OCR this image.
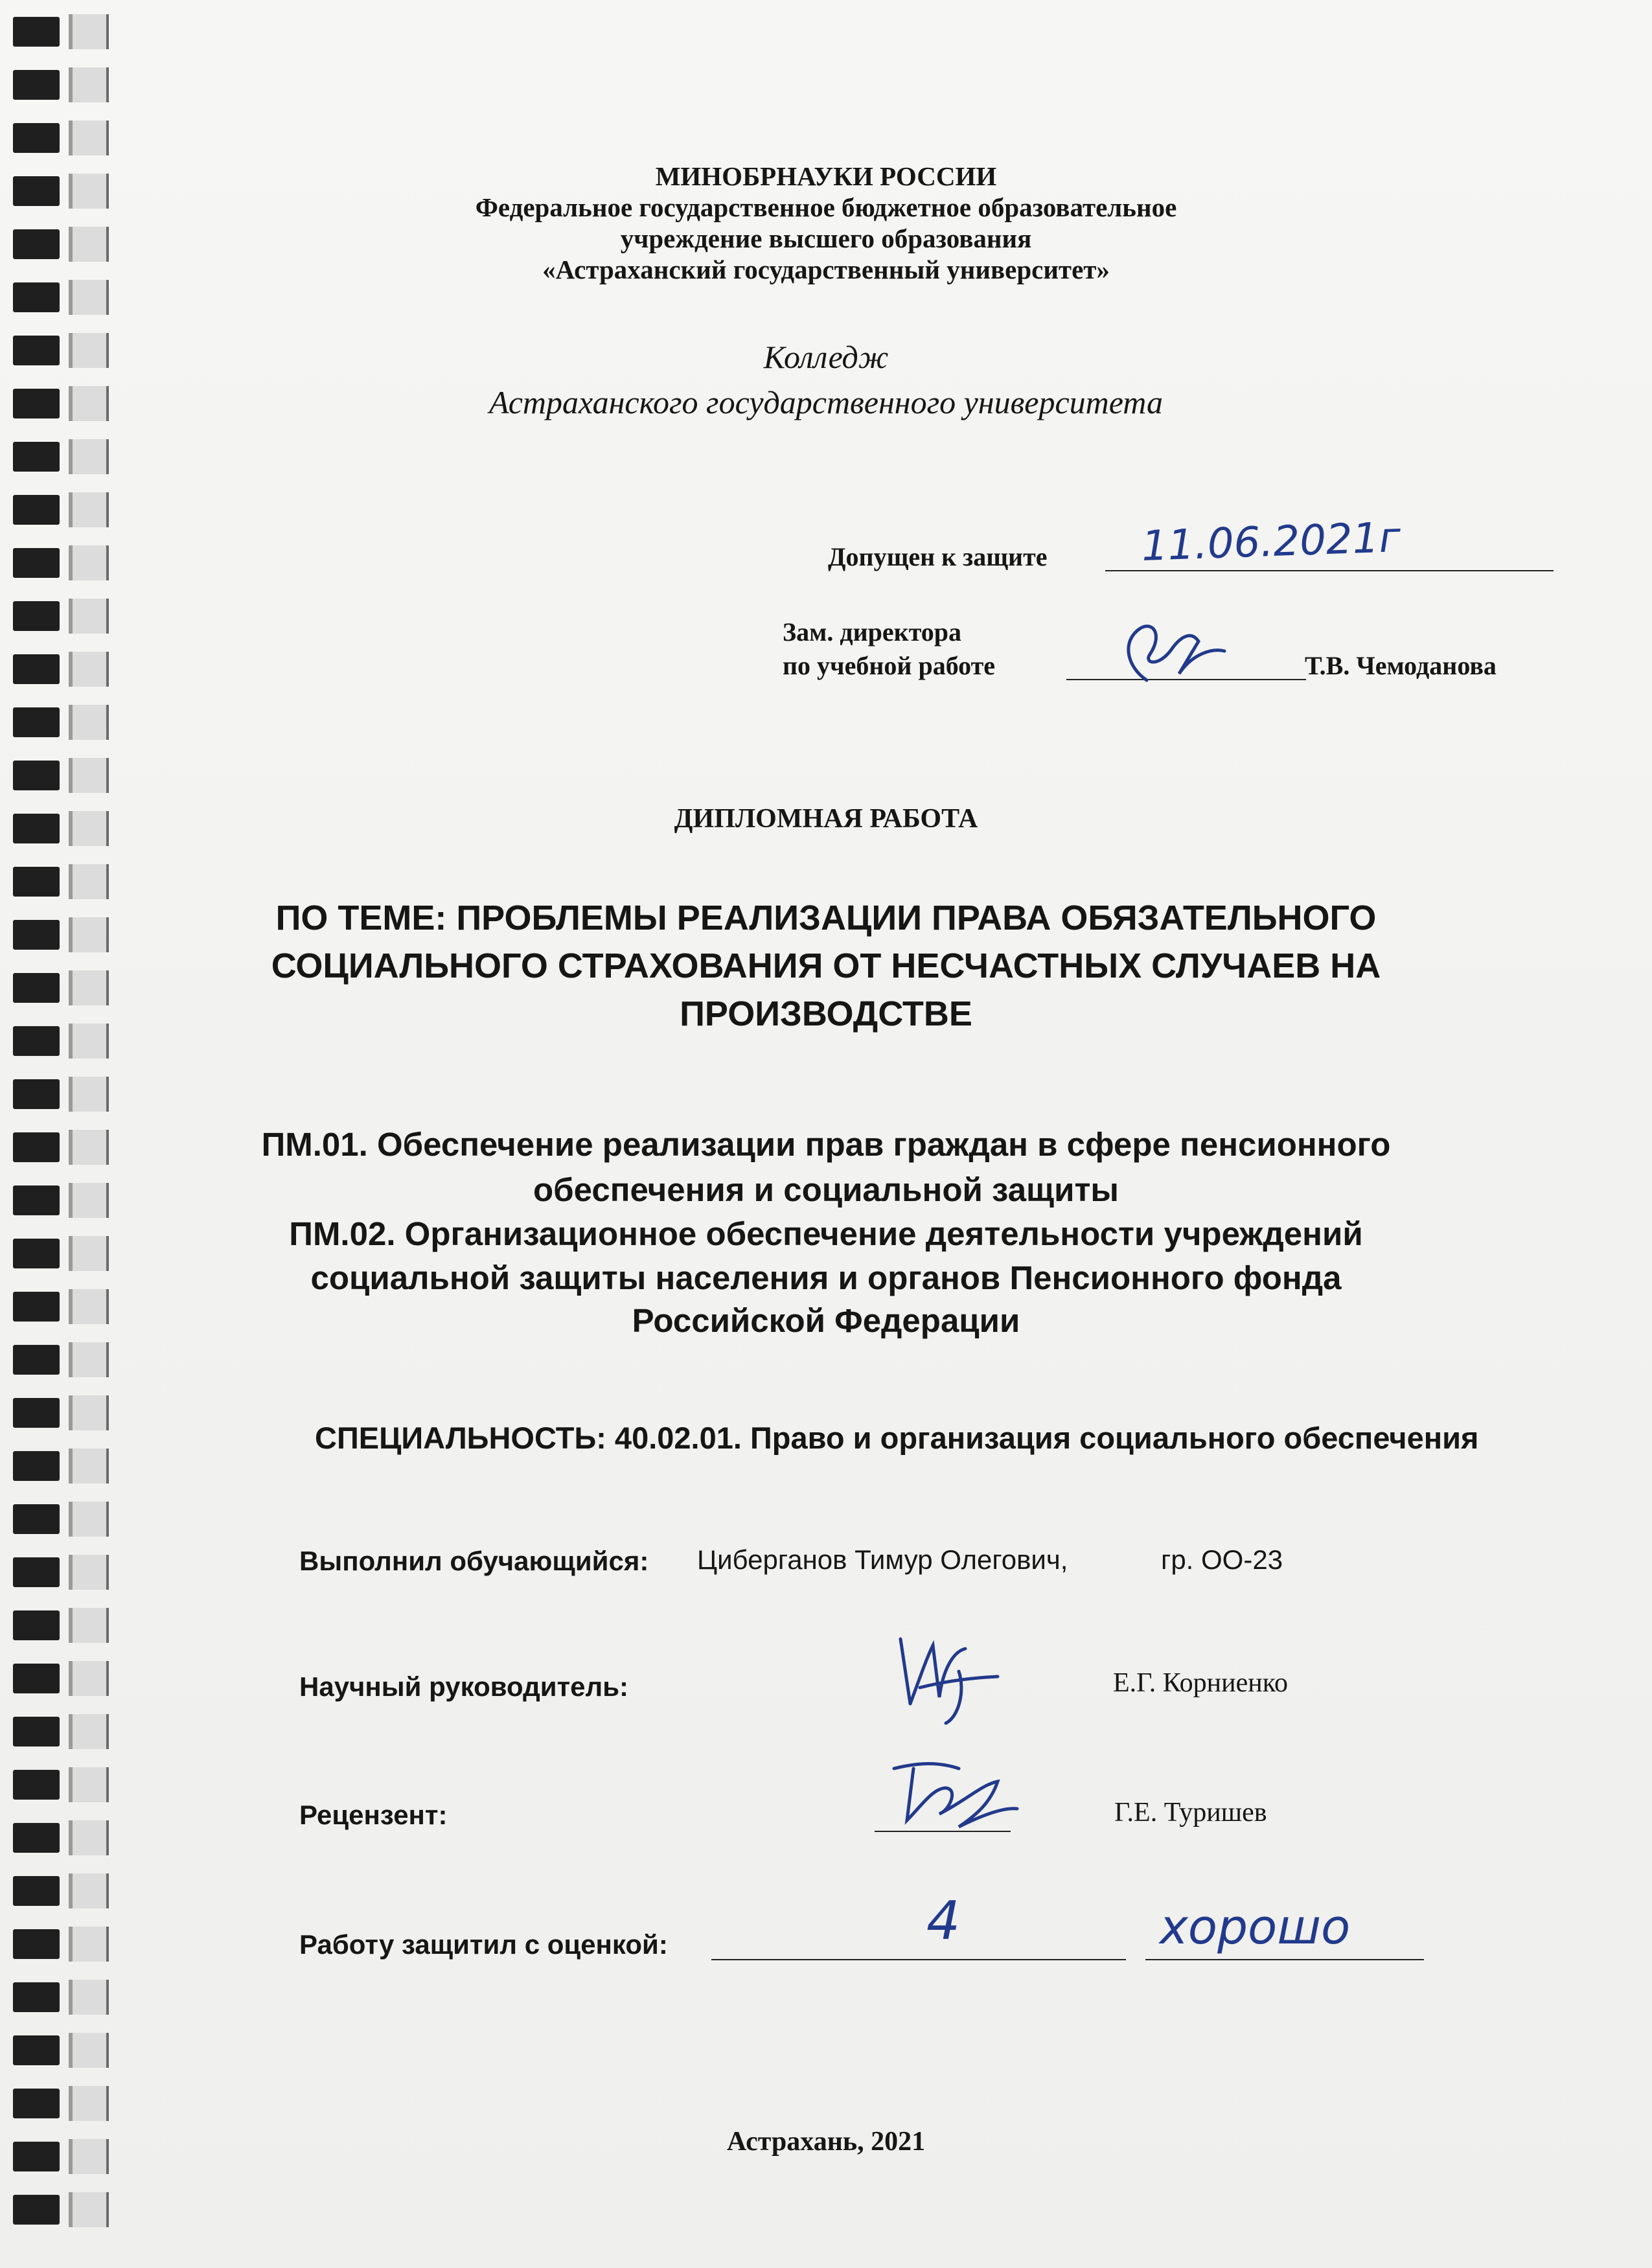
МИНОБРНАУКИ РОССИИ
Федеральное государственное бюджетное образовательное
учреждение высшего образования
«Астраханский государственный университет»
Колледж
Астраханского государственного университета
Допущен к защите 11.06.2021г
Зам. директора
по учебной работе	Т.В. Чемоданова
ДИПЛОМНАЯ РАБОТА
ПО ТЕМЕ: ПРОБЛЕМЫ РЕАЛИЗАЦИИ ПРАВА ОБЯЗАТЕЛЬНОГО
СОЦИАЛЬНОГО СТРАХОВАНИЯ ОТ НЕСЧАСТНЫХ СЛУЧАЕВ НА
ПРОИЗВОДСТВЕ
ПМ.01. Обеспечение реализации прав граждан в сфере пенсионного
обеспечения и социальной защиты
ПМ.02. Организационное обеспечение деятельности учреждений
социальной защиты населения и органов Пенсионного фонда
Российской Федерации
СПЕЦИАЛЬНОСТЬ: 40.02.01. Право и организация социального обеспечения
Выполнил обучающийся: Циберганов Тимур Олегович,	гр. ОО-23
Научный руководитель:	Е.Г. Корниенко
Рецензент:	Г.Е. Туришев
Работу защитил с оценкой:	4	хорошо
Астрахань, 2021
